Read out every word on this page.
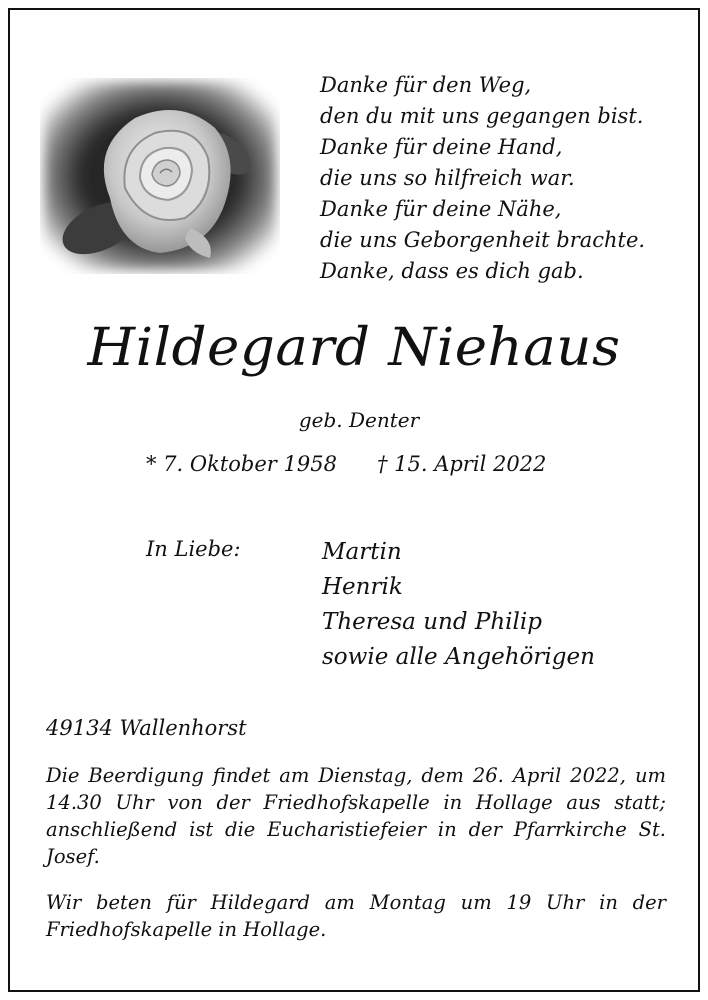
Danke für den Weg,
den du mit uns gegangen bist.
Danke für deine Hand,
die uns so hilfreich war.
Danke für deine Nähe,
die uns Geborgenheit brachte.
Danke, dass es dich gab.
Hildegard Niehaus
geb. Denter
* 7. Oktober 1958 † 15. April 2022
In Liebe:	Martin
Henrik
Theresa und Philip
sowie alle Angehörigen
49134 Wallenhorst
Die Beerdigung findet am Dienstag, dem 26. April 2022, um 14.30 Uhr von der Friedhofskapelle in Hollage aus statt; anschließend ist die Eucharistiefeier in der Pfarrkirche St. Josef.
Wir beten für Hildegard am Montag um 19 Uhr in der Friedhofskapelle in Hollage.
